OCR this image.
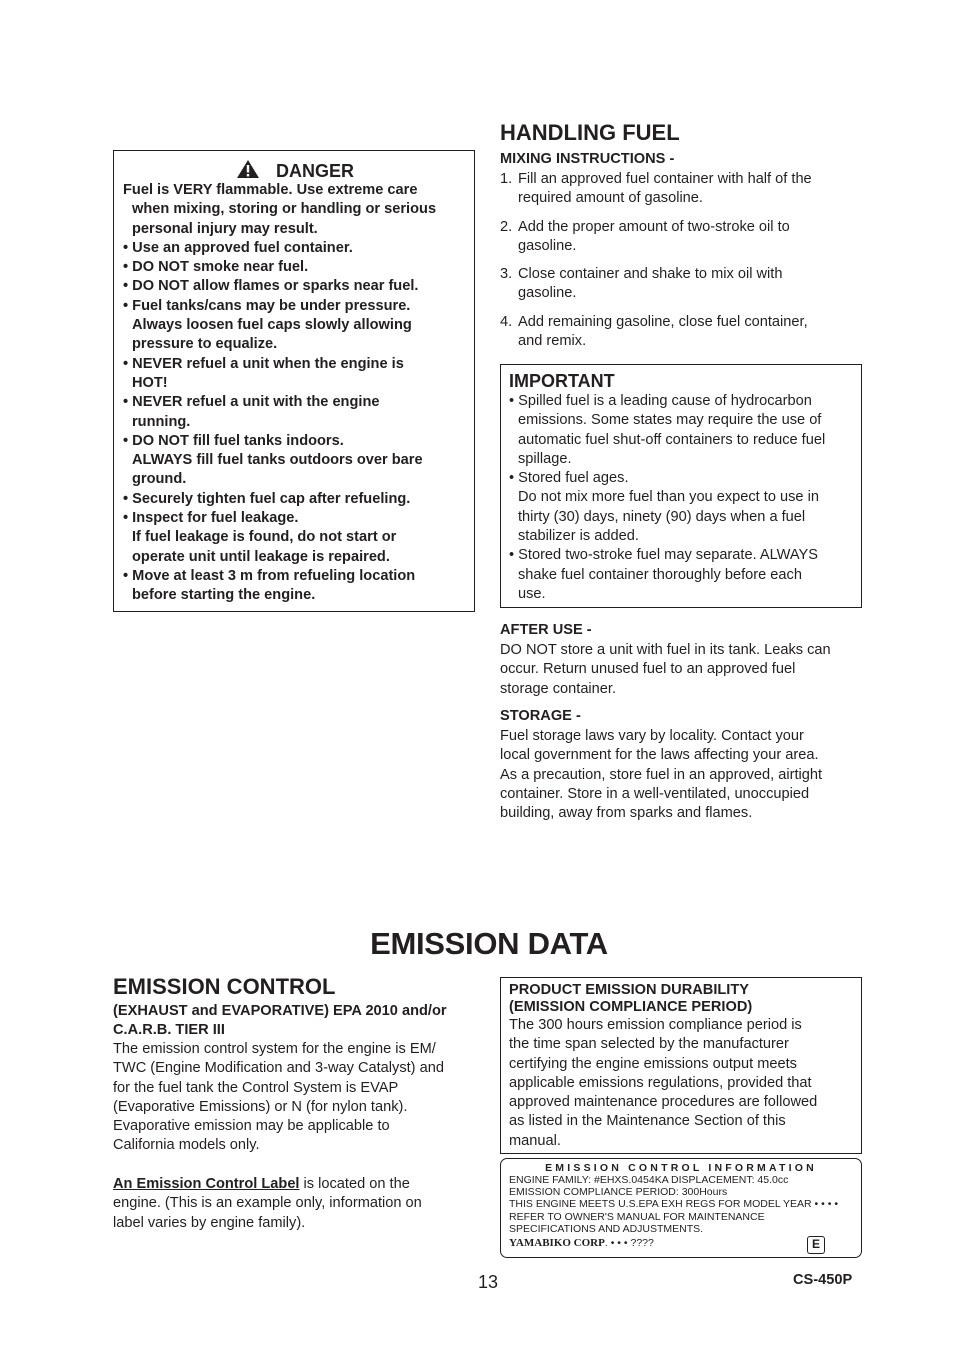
DANGER
Fuel is VERY flammable. Use extreme care
when mixing, storing or handling or serious
personal injury may result.
• Use an approved fuel container.
• DO NOT smoke near fuel.
• DO NOT allow flames or sparks near fuel.
• Fuel tanks/cans may be under pressure.
Always loosen fuel caps slowly allowing
pressure to equalize.
• NEVER refuel a unit when the engine is
HOT!
• NEVER refuel a unit with the engine
running.
• DO NOT fill fuel tanks indoors.
ALWAYS fill fuel tanks outdoors over bare
ground.
• Securely tighten fuel cap after refueling.
• Inspect for fuel leakage.
If fuel leakage is found, do not start or
operate unit until leakage is repaired.
• Move at least 3 m from refueling location
before starting the engine.
HANDLING FUEL
MIXING INSTRUCTIONS -
1. Fill an approved fuel container with half of the
required amount of gasoline.
2. Add the proper amount of two-stroke oil to
gasoline.
3. Close container and shake to mix oil with
gasoline.
4. Add remaining gasoline, close fuel container,
and remix.
IMPORTANT
• Spilled fuel is a leading cause of hydrocarbon
emissions. Some states may require the use of
automatic fuel shut-off containers to reduce fuel
spillage.
• Stored fuel ages.
Do not mix more fuel than you expect to use in
thirty (30) days, ninety (90) days when a fuel
stabilizer is added.
• Stored two-stroke fuel may separate. ALWAYS
shake fuel container thoroughly before each
use.
AFTER USE -
DO NOT store a unit with fuel in its tank. Leaks can
occur. Return unused fuel to an approved fuel
storage container.
STORAGE -
Fuel storage laws vary by locality. Contact your
local government for the laws affecting your area.
As a precaution, store fuel in an approved, airtight
container. Store in a well-ventilated, unoccupied
building, away from sparks and flames.
EMISSION DATA
EMISSION CONTROL
(EXHAUST and EVAPORATIVE) EPA 2010 and/or
C.A.R.B. TIER III
The emission control system for the engine is EM/
TWC (Engine Modification and 3-way Catalyst) and
for the fuel tank the Control System is EVAP
(Evaporative Emissions) or N (for nylon tank).
Evaporative emission may be applicable to
California models only.
An Emission Control Label is located on the
engine. (This is an example only, information on
label varies by engine family).
PRODUCT EMISSION DURABILITY
(EMISSION COMPLIANCE PERIOD)
The 300 hours emission compliance period is
the time span selected by the manufacturer
certifying the engine emissions output meets
applicable emissions regulations, provided that
approved maintenance procedures are followed
as listed in the Maintenance Section of this
manual.
EMISSION CONTROL INFORMATION
ENGINE FAMILY: #EHXS.0454KA DISPLACEMENT: 45.0cc
EMISSION COMPLIANCE PERIOD: 300Hours
THIS ENGINE MEETS U.S.EPA EXH REGS FOR MODEL YEAR • • • •
REFER TO OWNER'S MANUAL FOR MAINTENANCE
SPECIFICATIONS AND ADJUSTMENTS.
YAMABIKO CORP. • • • ????	E
13	CS-450P
